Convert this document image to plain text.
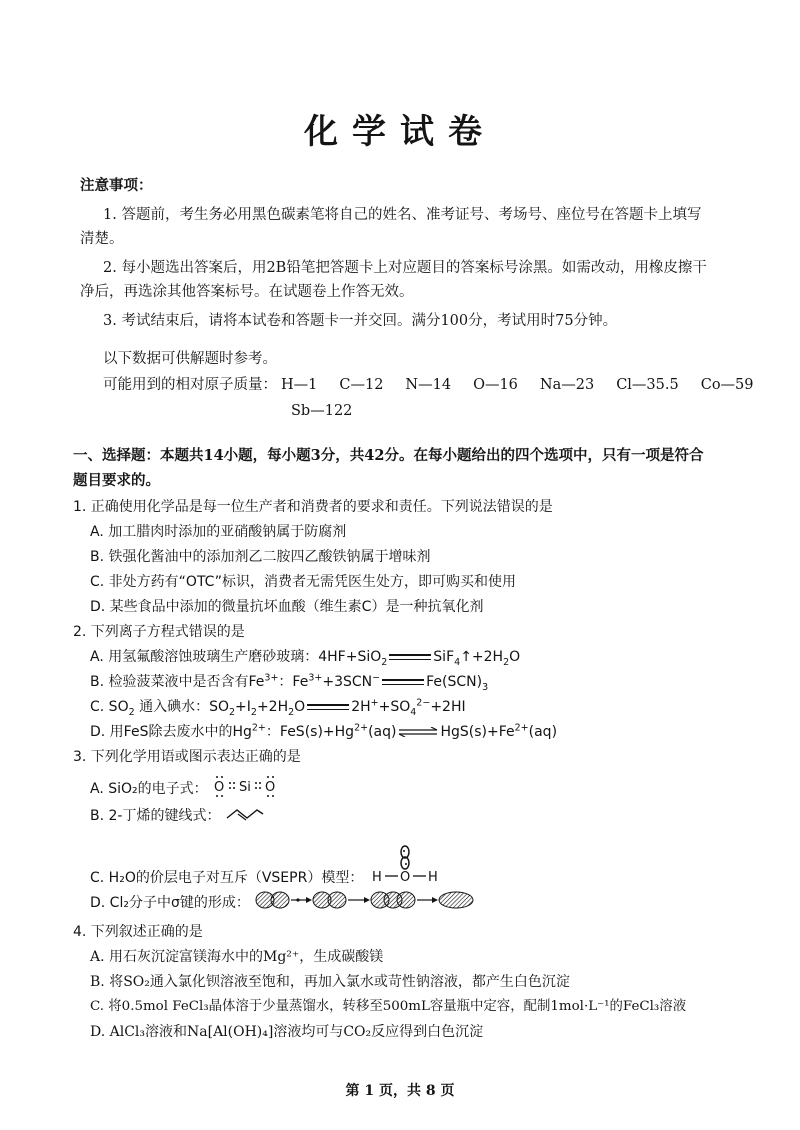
化学试卷
注意事项：
1. 答题前，考生务必用黑色碳素笔将自己的姓名、准考证号、考场号、座位号在答题卡上填写
清楚。
2. 每小题选出答案后，用2B铅笔把答题卡上对应题目的答案标号涂黑。如需改动，用橡皮擦干
净后，再选涂其他答案标号。在试题卷上作答无效。
3. 考试结束后，请将本试卷和答题卡一并交回。满分100分，考试用时75分钟。
以下数据可供解题时参考。
可能用到的相对原子质量： H—1 C—12 N—14 O—16 Na—23 Cl—35.5 Co—59
Sb—122
一、选择题：本题共14小题，每小题3分，共42分。在每小题给出的四个选项中，只有一项是符合
题目要求的。
1. 正确使用化学品是每一位生产者和消费者的要求和责任。下列说法错误的是
A. 加工腊肉时添加的亚硝酸钠属于防腐剂
B. 铁强化酱油中的添加剂乙二胺四乙酸铁钠属于增味剂
C. 非处方药有“OTC”标识，消费者无需凭医生处方，即可购买和使用
D. 某些食品中添加的微量抗坏血酸（维生素C）是一种抗氧化剂
2. 下列离子方程式错误的是
A. 用氢氟酸溶蚀玻璃生产磨砂玻璃：4HF+SiO$_2$	$SiF_4↑+2H_2O$
B. 检验菠菜液中是否含有$Fe^{3+}$：$Fe^{3+}+3SCN^-$	$Fe(SCN)_3$
C. $SO_2$ 通入碘水：$SO_2+I_2+2H_2O$	$2H^++SO_4^{2-}+2HI$
D. 用FeS除去废水中的$Hg^{2+}$：$FeS(s)+Hg^{2+}(aq)$ ⇌ $HgS(s)+Fe^{2+}(aq)$
3. 下列化学用语或图示表达正确的是
A. SiO₂的电子式： O Si O
B. 2-丁烯的键线式：
C. H₂O的价层电子对互斥（VSEPR）模型： H O H
D. Cl₂分子中σ键的形成：
4. 下列叙述正确的是
A. 用石灰沉淀富镁海水中的Mg²⁺，生成碳酸镁
B. 将SO₂通入氯化钡溶液至饱和，再加入氯水或苛性钠溶液，都产生白色沉淀
C. 将0.5mol FeCl₃晶体溶于少量蒸馏水，转移至500mL容量瓶中定容，配制1mol·L⁻¹的FeCl₃溶液
D. AlCl₃溶液和Na[Al(OH)₄]溶液均可与CO₂反应得到白色沉淀
第 1 页，共 8 页
